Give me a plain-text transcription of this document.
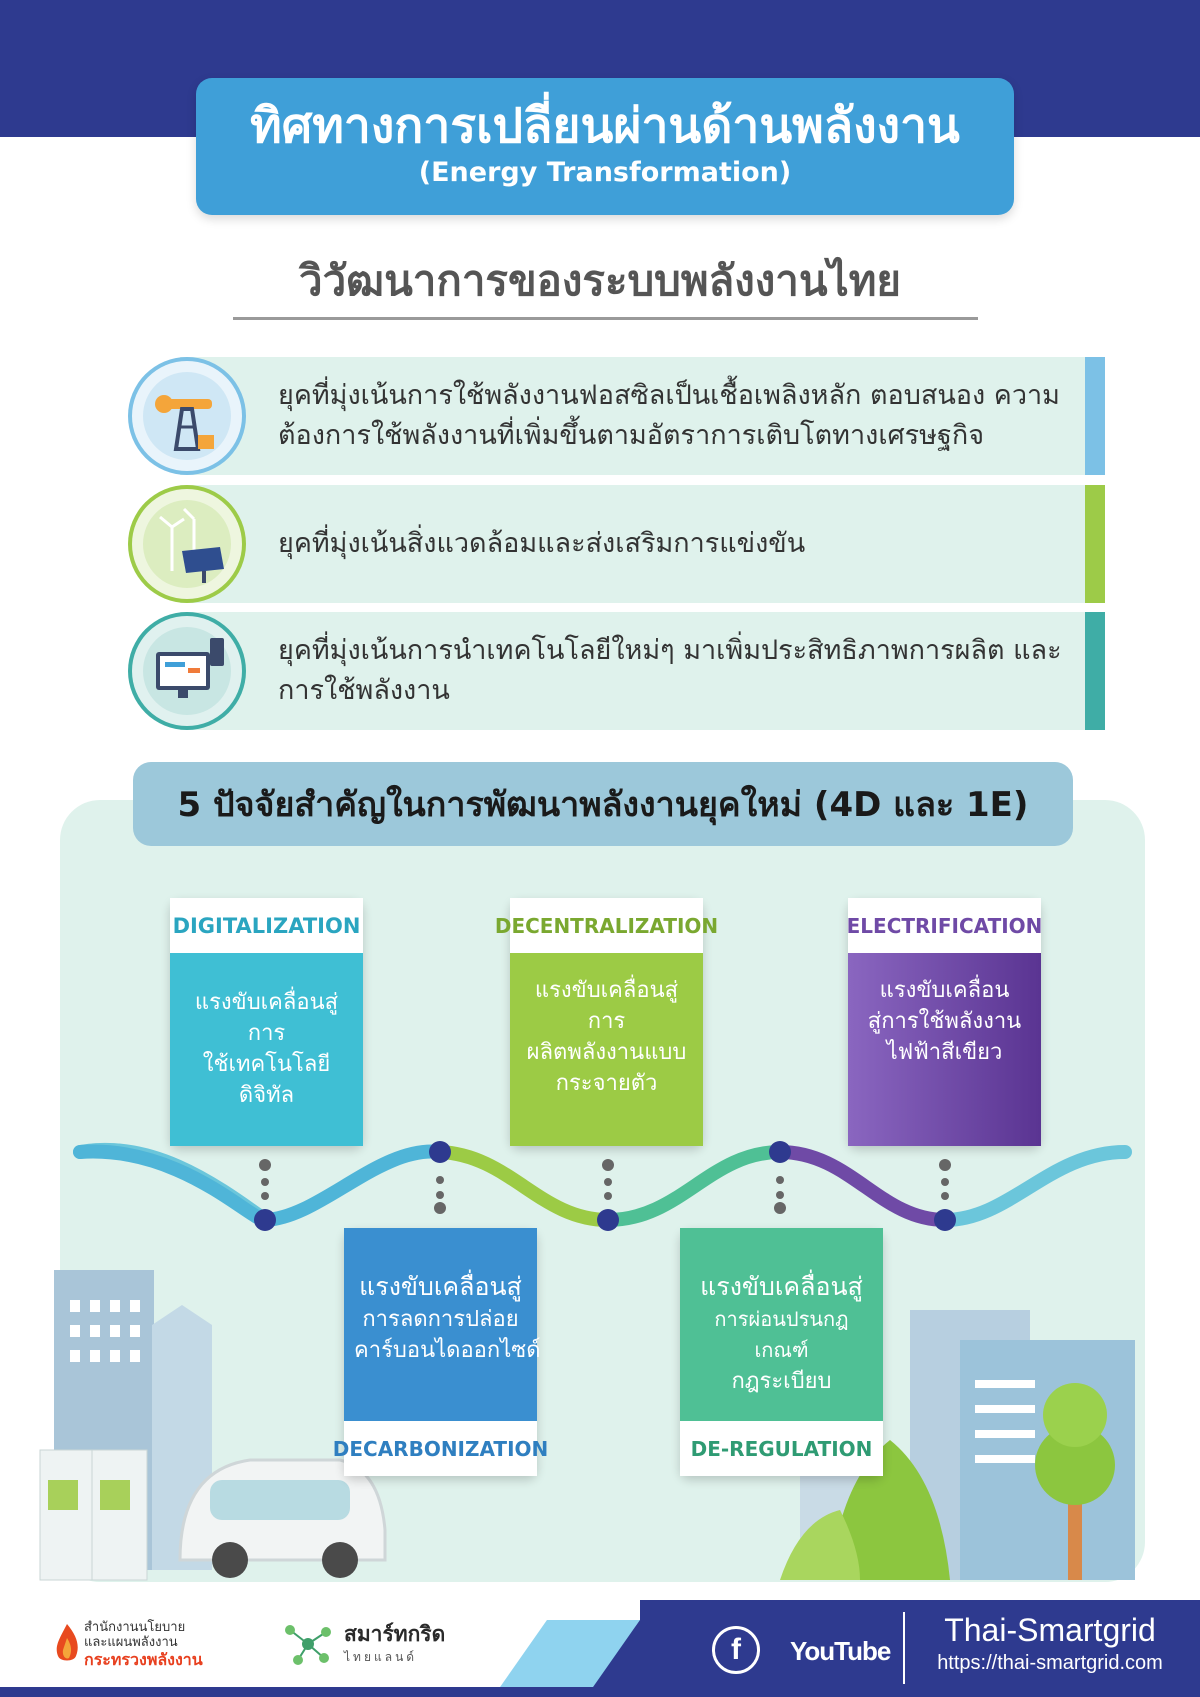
ทิศทางการเปลี่ยนผ่านด้านพลังงาน
(Energy Transformation)
วิวัฒนาการของระบบพลังงานไทย
ยุคที่มุ่งเน้นการใช้พลังงานฟอสซิลเป็นเชื้อเพลิงหลัก ตอบสนอง ความต้องการใช้พลังงานที่เพิ่มขึ้นตามอัตราการเติบโตทางเศรษฐกิจ
ยุคที่มุ่งเน้นสิ่งแวดล้อมและส่งเสริมการแข่งขัน
ยุคที่มุ่งเน้นการนำเทคโนโลยีใหม่ๆ มาเพิ่มประสิทธิภาพการผลิต และการใช้พลังงาน
5 ปัจจัยสำคัญในการพัฒนาพลังงานยุคใหม่ (4D และ 1E)
DIGITALIZATION
แรงขับเคลื่อนสู่การ
ใช้เทคโนโลยีดิจิทัล
DECENTRALIZATION
แรงขับเคลื่อนสู่การ
ผลิตพลังงานแบบ
กระจายตัว
ELECTRIFICATION
แรงขับเคลื่อน
สู่การใช้พลังงาน
ไฟฟ้าสีเขียว
แรงขับเคลื่อนสู่
การลดการปล่อย
คาร์บอนไดออกไซด์
DECARBONIZATION
แรงขับเคลื่อนสู่
การผ่อนปรนกฎเกณฑ์
กฎระเบียบ
DE-REGULATION
สำนักงานนโยบาย
และแผนพลังงาน
กระทรวงพลังงาน
สมาร์ทกริด
ไทยแลนด์	f	YouTube
Thai-Smartgrid
https://thai-smartgrid.com
